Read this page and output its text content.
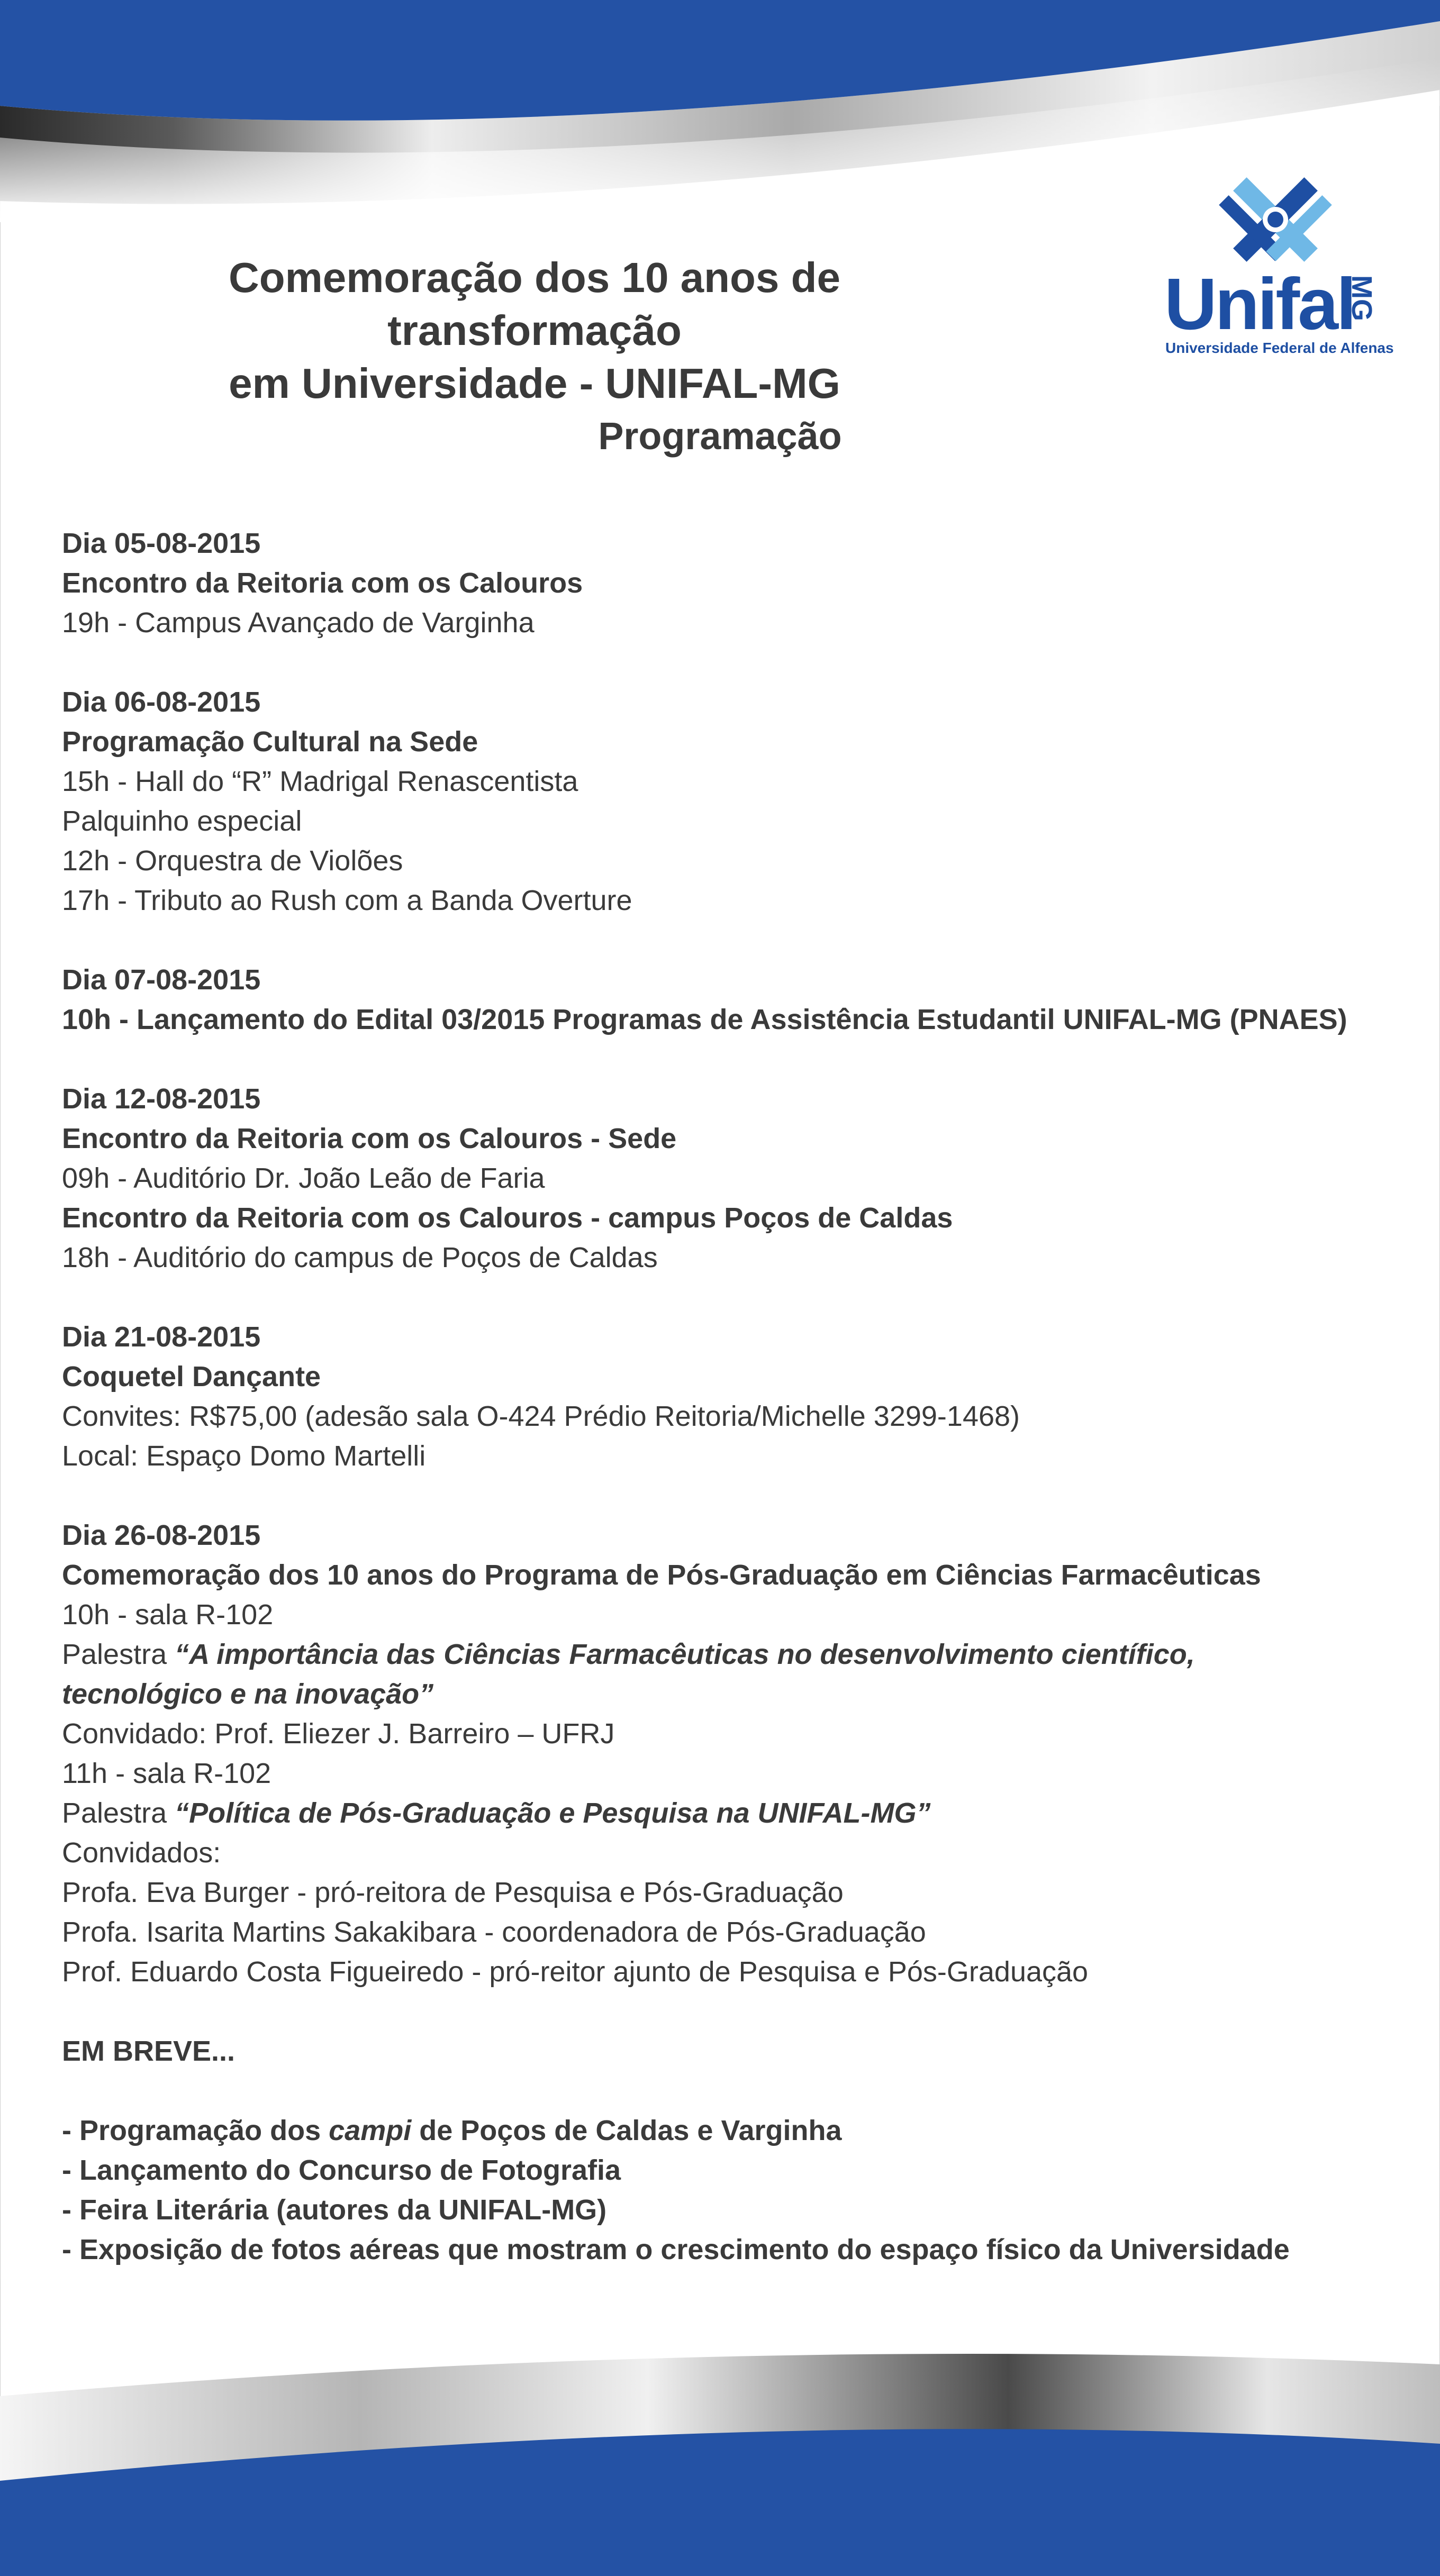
Comemoração dos 10 anos de transformação
em Universidade - UNIFAL-MG
Unifal
MG
Universidade Federal de Alfenas
Programação
Dia 05-08-2015
Encontro da Reitoria com os Calouros
19h - Campus Avançado de Varginha
Dia 06-08-2015
Programação Cultural na Sede
15h - Hall do “R” Madrigal Renascentista
Palquinho especial
12h - Orquestra de Violões
17h - Tributo ao Rush com a Banda Overture
Dia 07-08-2015
10h - Lançamento do Edital 03/2015 Programas de Assistência Estudantil UNIFAL-MG (PNAES)
Dia 12-08-2015
Encontro da Reitoria com os Calouros - Sede
09h - Auditório Dr. João Leão de Faria
Encontro da Reitoria com os Calouros - campus Poços de Caldas
18h - Auditório do campus de Poços de Caldas
Dia 21-08-2015
Coquetel Dançante
Convites: R$75,00 (adesão sala O-424 Prédio Reitoria/Michelle 3299-1468)
Local: Espaço Domo Martelli
Dia 26-08-2015
Comemoração dos 10 anos do Programa de Pós-Graduação em Ciências Farmacêuticas
10h - sala R-102
Palestra “A importância das Ciências Farmacêuticas no desenvolvimento científico, tecnológico e na inovação”
Convidado: Prof. Eliezer J. Barreiro – UFRJ
11h - sala R-102
Palestra “Política de Pós-Graduação e Pesquisa na UNIFAL-MG”
Convidados:
Profa. Eva Burger - pró-reitora de Pesquisa e Pós-Graduação
Profa. Isarita Martins Sakakibara - coordenadora de Pós-Graduação
Prof. Eduardo Costa Figueiredo - pró-reitor ajunto de Pesquisa e Pós-Graduação
EM BREVE...
- Programação dos campi de Poços de Caldas e Varginha
- Lançamento do Concurso de Fotografia
- Feira Literária (autores da UNIFAL-MG)
- Exposição de fotos aéreas que mostram o crescimento do espaço físico da Universidade
